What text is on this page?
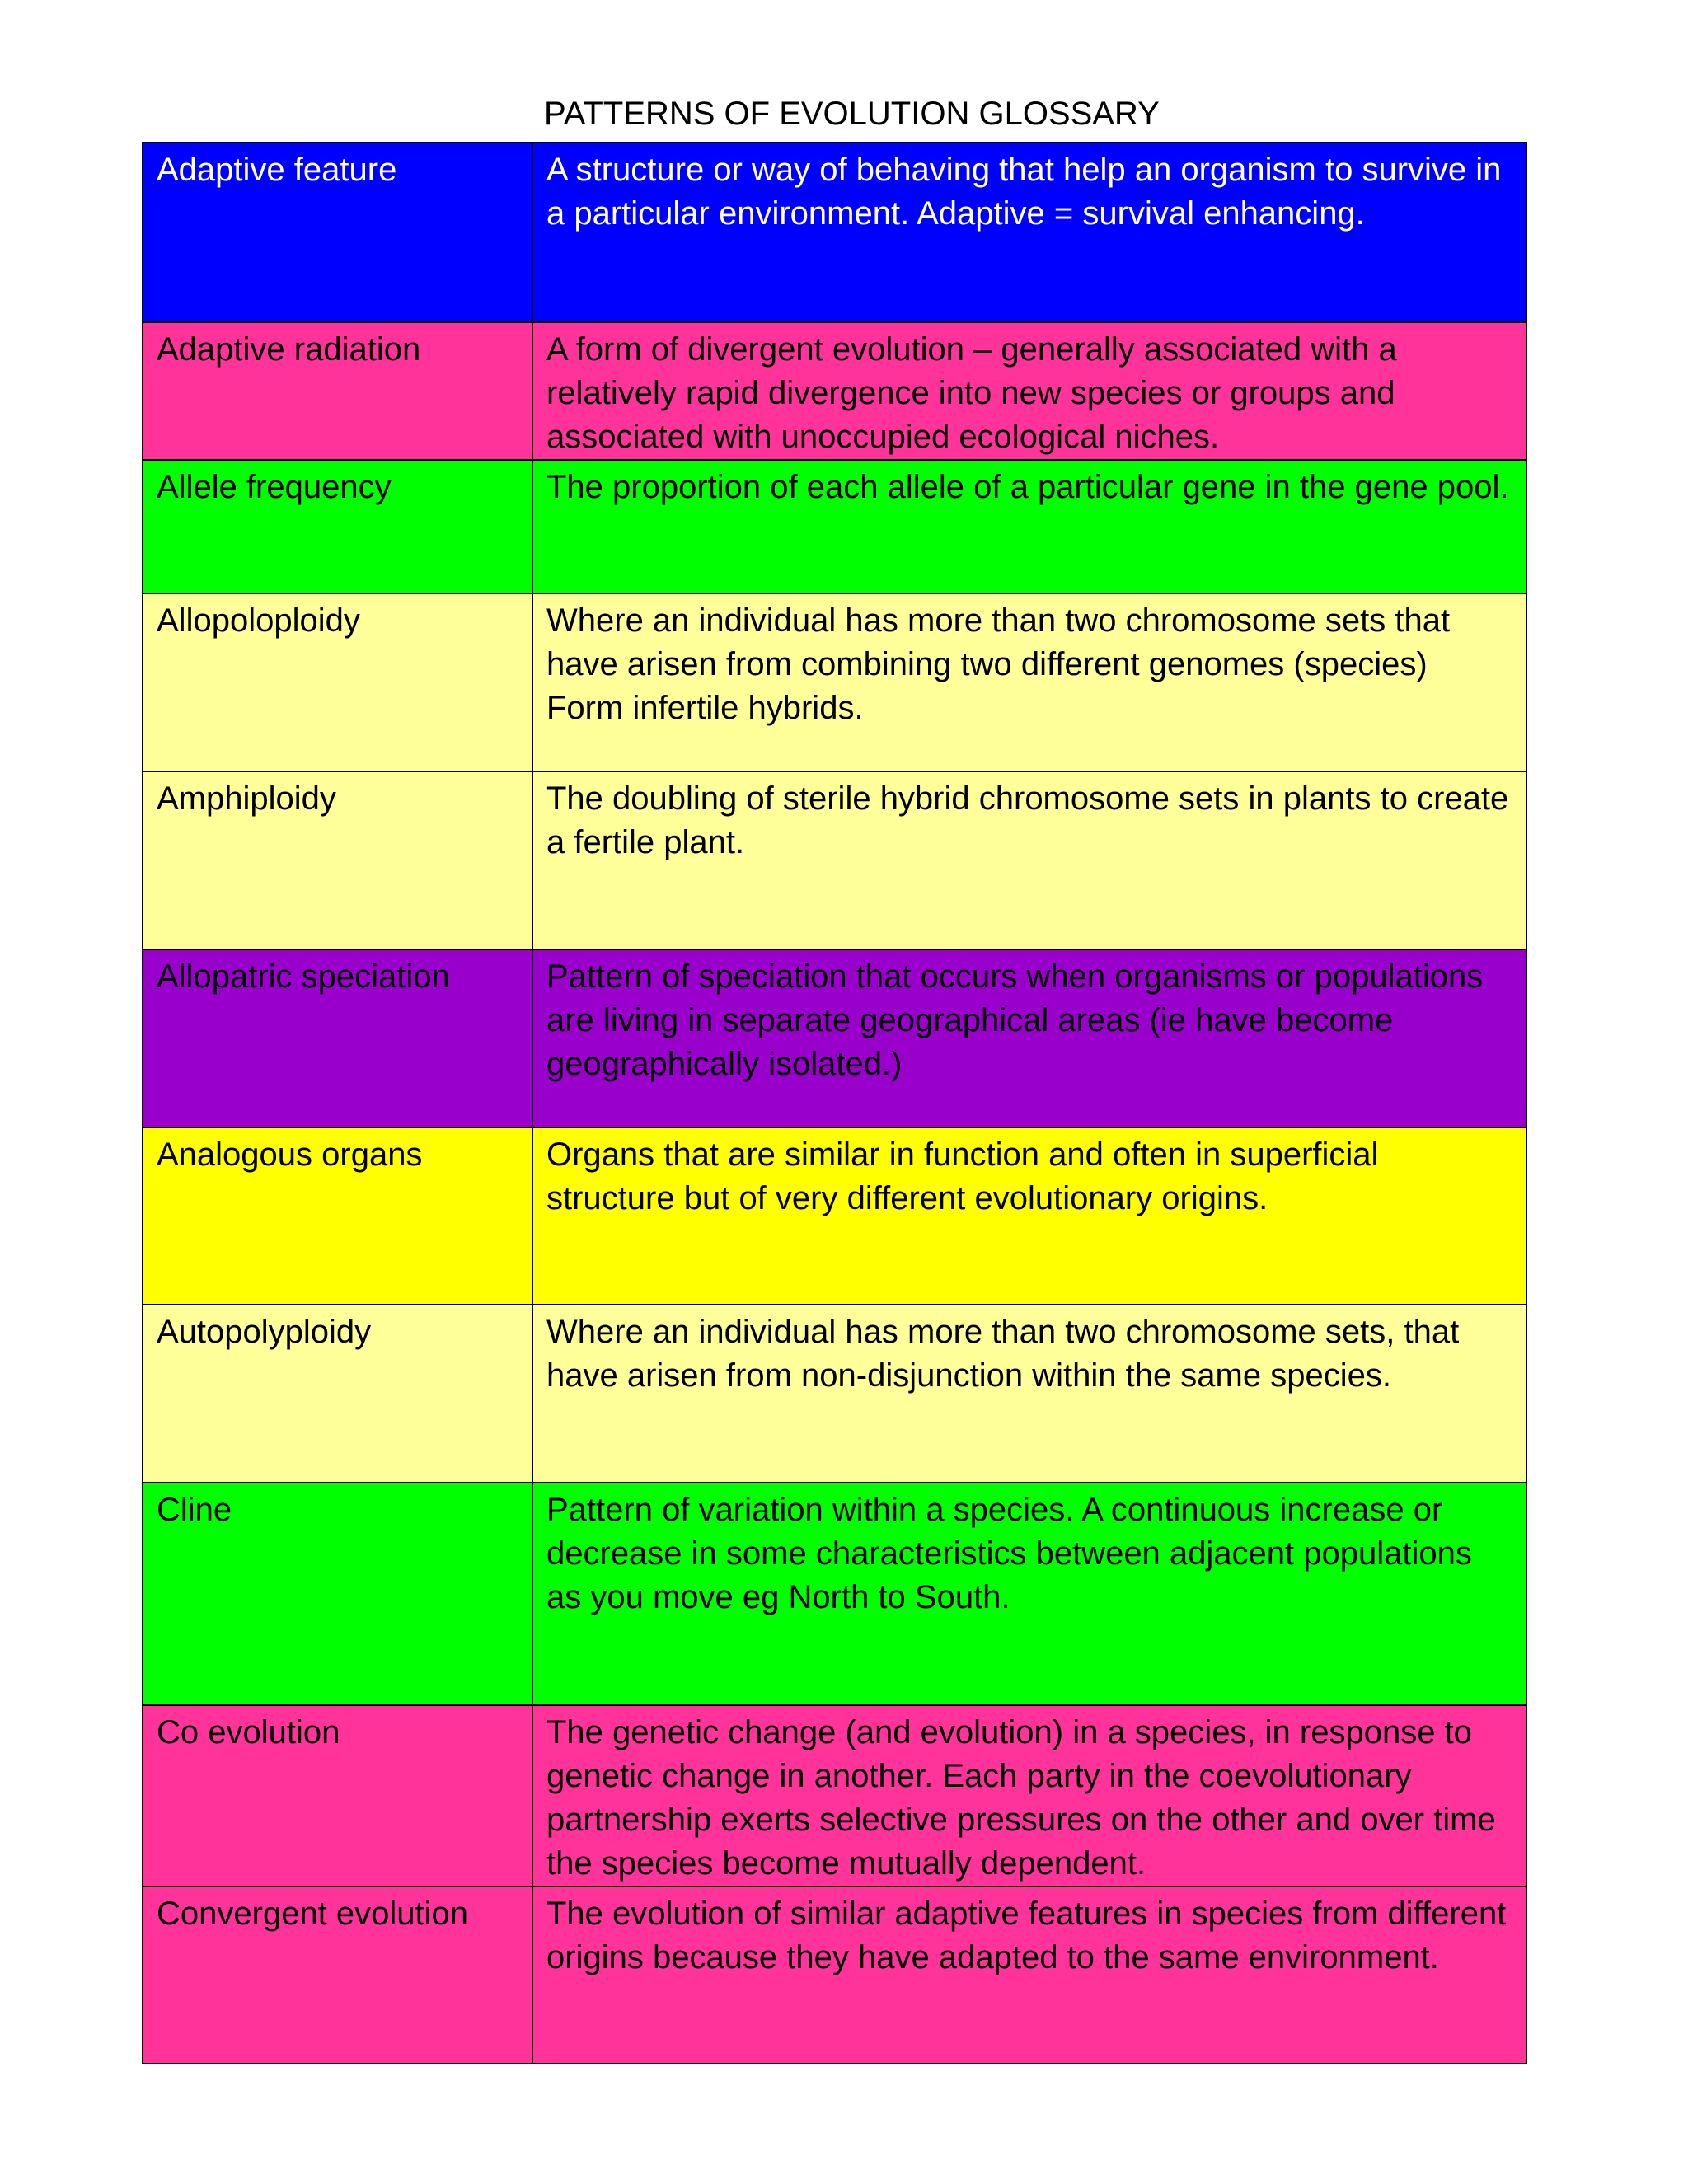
PATTERNS OF EVOLUTION GLOSSARY
Adaptive feature	A structure or way of behaving that help an organism to survive in a particular environment. Adaptive = survival enhancing.
Adaptive radiation	A form of divergent evolution – generally associated with a relatively rapid divergence into new species or groups and associated with unoccupied ecological niches.
Allele frequency	The proportion of each allele of a particular gene in the gene pool.
Allopoloploidy	Where an individual has more than two chromosome sets that have arisen from combining two different genomes (species) Form infertile hybrids.
Amphiploidy	The doubling of sterile hybrid chromosome sets in plants to create a fertile plant.
Allopatric speciation	Pattern of speciation that occurs when organisms or populations are living in separate geographical areas (ie have become geographically isolated.)
Analogous organs	Organs that are similar in function and often in superficial structure but of very different evolutionary origins.
Autopolyploidy	Where an individual has more than two chromosome sets, that have arisen from non-disjunction within the same species.
Cline	Pattern of variation within a species. A continuous increase or decrease in some characteristics between adjacent populations as you move eg North to South.
Co evolution	The genetic change (and evolution) in a species, in response to genetic change in another. Each party in the coevolutionary partnership exerts selective pressures on the other and over time the species become mutually dependent.
Convergent evolution	The evolution of similar adaptive features in species from different origins because they have adapted to the same environment.
